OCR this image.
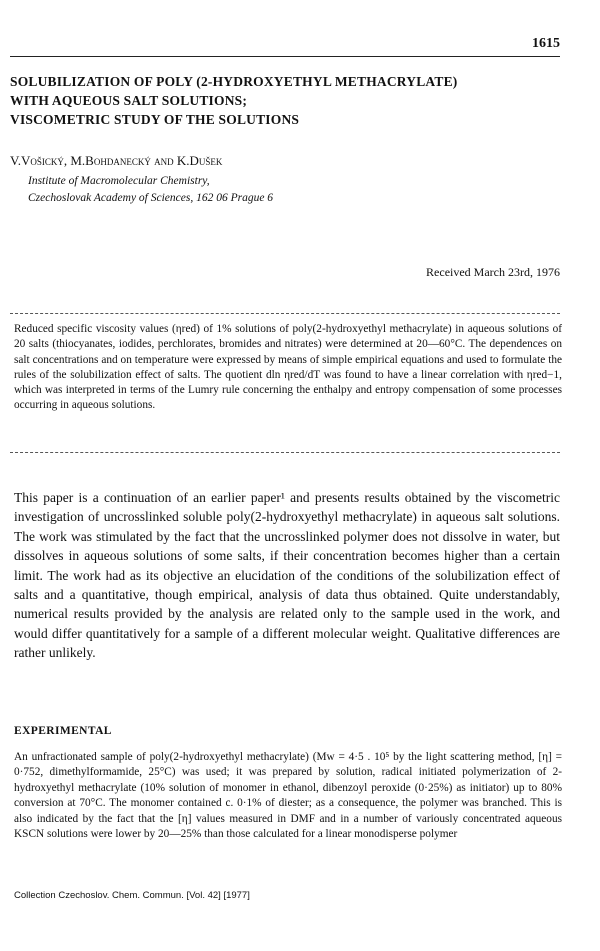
1615
SOLUBILIZATION OF POLY (2-HYDROXYETHYL METHACRYLATE)
WITH AQUEOUS SALT SOLUTIONS;
VISCOMETRIC STUDY OF THE SOLUTIONS
V.Vošický, M.Bohdanecký and K.Dušek
Institute of Macromolecular Chemistry,
Czechoslovak Academy of Sciences, 162 06 Prague 6
Received March 23rd, 1976
Reduced specific viscosity values (ηred) of 1% solutions of poly(2-hydroxyethyl methacrylate) in aqueous solutions of 20 salts (thiocyanates, iodides, perchlorates, bromides and nitrates) were determined at 20—60°C. The dependences on salt concentrations and on temperature were expressed by means of simple empirical equations and used to formulate the rules of the solubilization effect of salts. The quotient dln ηred/dT was found to have a linear correlation with ηred−1, which was interpreted in terms of the Lumry rule concerning the enthalpy and entropy compensation of some processes occurring in aqueous solutions.
This paper is a continuation of an earlier paper¹ and presents results obtained by the viscometric investigation of uncrosslinked soluble poly(2-hydroxyethyl methacrylate) in aqueous salt solutions. The work was stimulated by the fact that the uncrosslinked polymer does not dissolve in water, but dissolves in aqueous solutions of some salts, if their concentration becomes higher than a certain limit. The work had as its objective an elucidation of the conditions of the solubilization effect of salts and a quantitative, though empirical, analysis of data thus obtained. Quite understandably, numerical results provided by the analysis are related only to the sample used in the work, and would differ quantitatively for a sample of a different molecular weight. Qualitative differences are rather unlikely.
EXPERIMENTAL
An unfractionated sample of poly(2-hydroxyethyl methacrylate) (Mw = 4·5 . 10⁵ by the light scattering method, [η] = 0·752, dimethylformamide, 25°C) was used; it was prepared by solution, radical initiated polymerization of 2-hydroxyethyl methacrylate (10% solution of monomer in ethanol, dibenzoyl peroxide (0·25%) as initiator) up to 80% conversion at 70°C. The monomer contained c. 0·1% of diester; as a consequence, the polymer was branched. This is also indicated by the fact that the [η] values measured in DMF and in a number of variously concentrated aqueous KSCN solutions were lower by 20—25% than those calculated for a linear monodisperse polymer
Collection Czechoslov. Chem. Commun. [Vol. 42] [1977]
